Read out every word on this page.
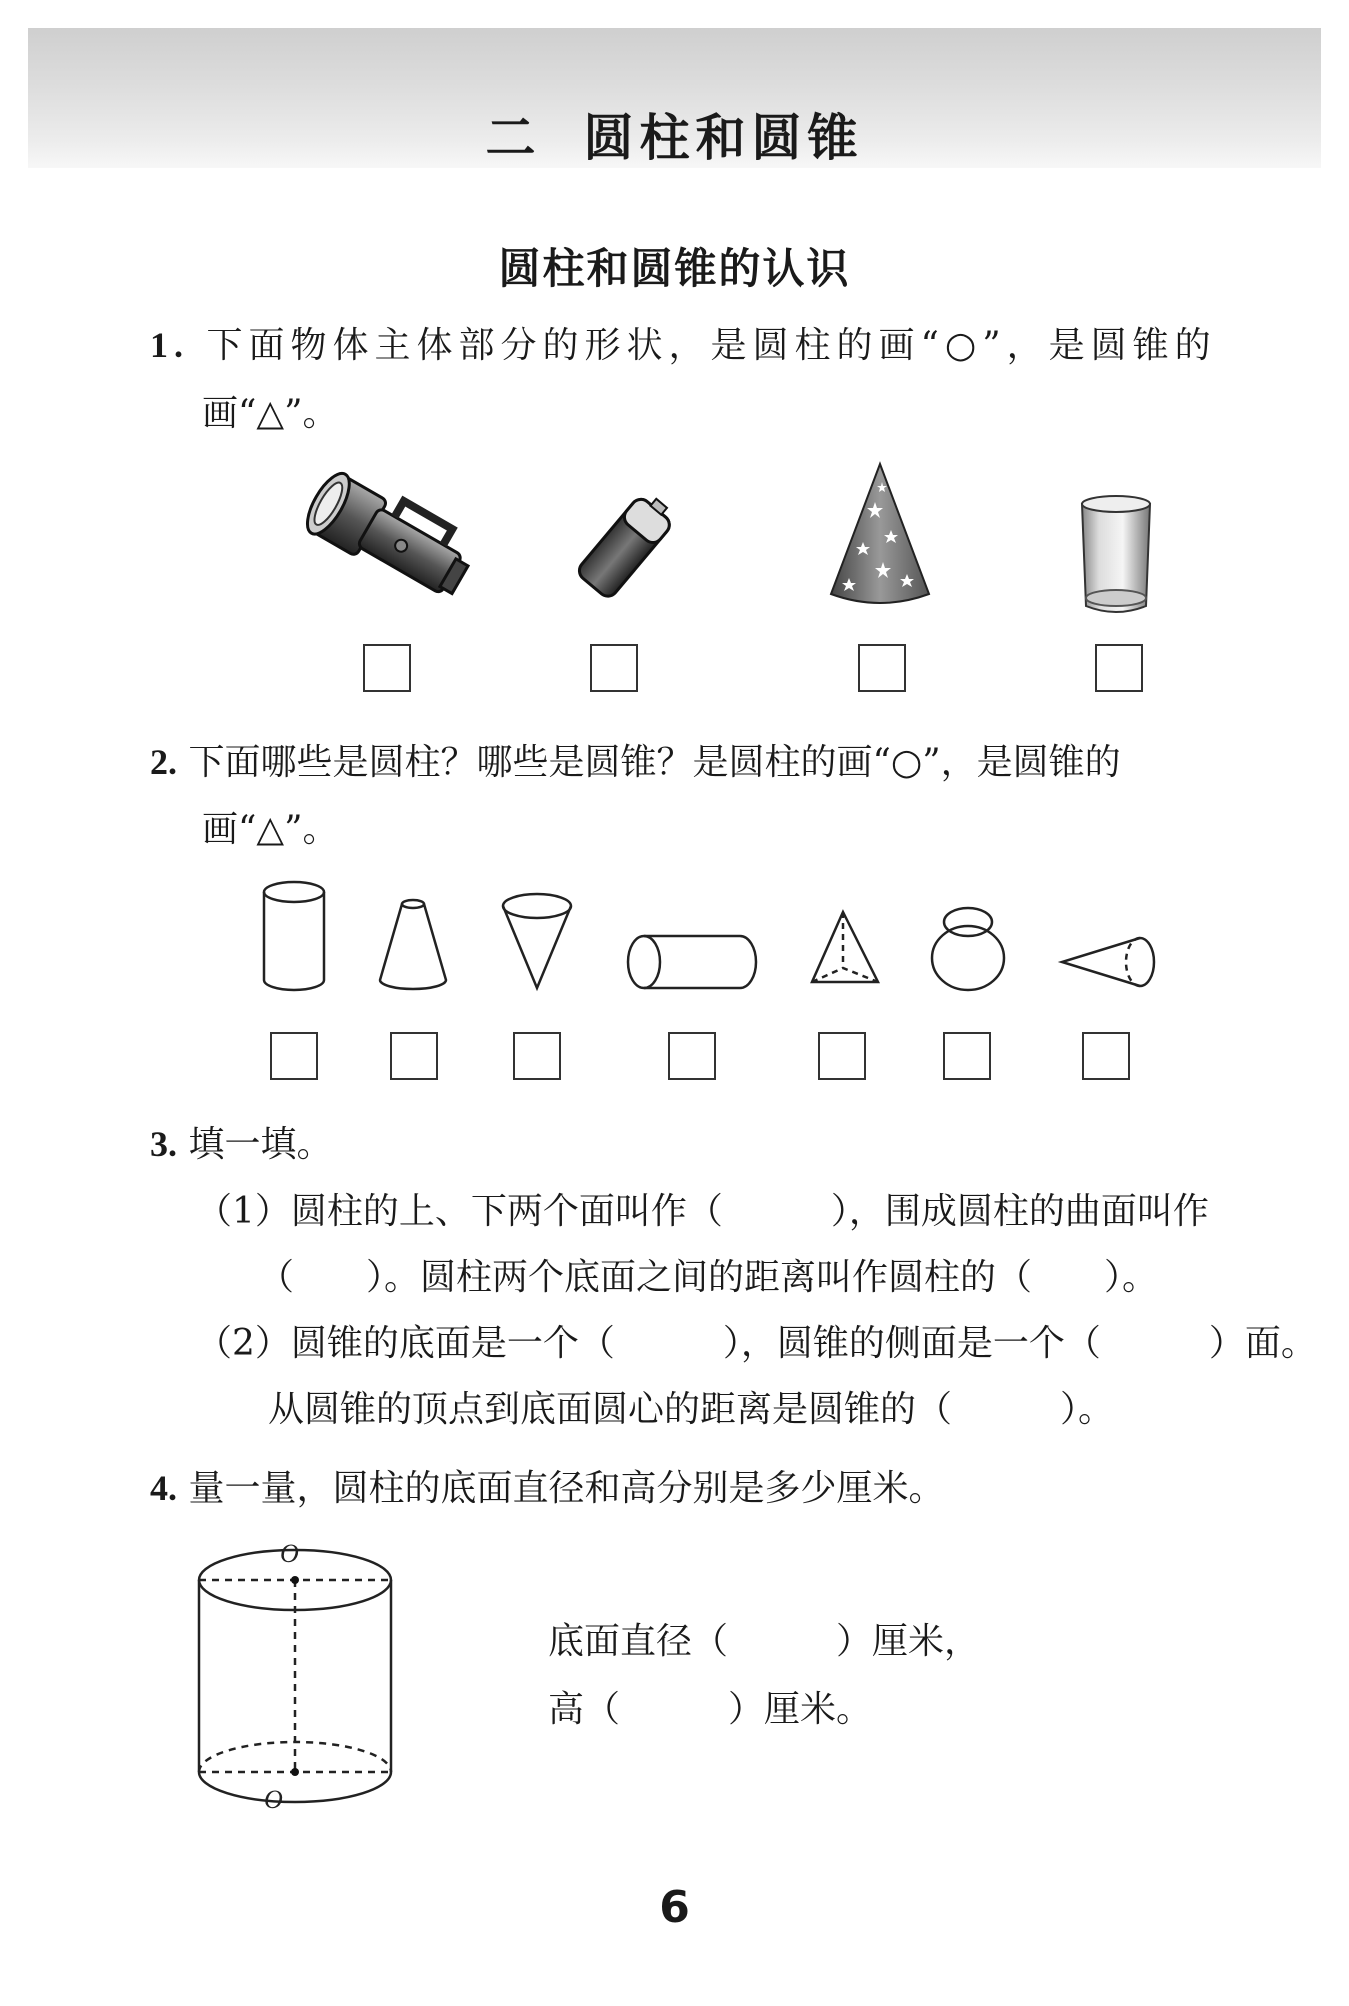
二 圆柱和圆锥
圆柱和圆锥的认识
1. 下面物体主体部分的形状，是圆柱的画“○”，是圆锥的
画“△”。
2. 下面哪些是圆柱？哪些是圆锥？是圆柱的画“○”，是圆锥的
画“△”。
3. 填一填。
（1）圆柱的上、下两个面叫作（　　　），围成圆柱的曲面叫作
（　　）。圆柱两个底面之间的距离叫作圆柱的（　　）。
（2）圆锥的底面是一个（　　　），圆锥的侧面是一个（　　　）面。
从圆锥的顶点到底面圆心的距离是圆锥的（　　　）。
4. 量一量，圆柱的底面直径和高分别是多少厘米。
O
O
底面直径（　　　）厘米，
高（　　　）厘米。
6
